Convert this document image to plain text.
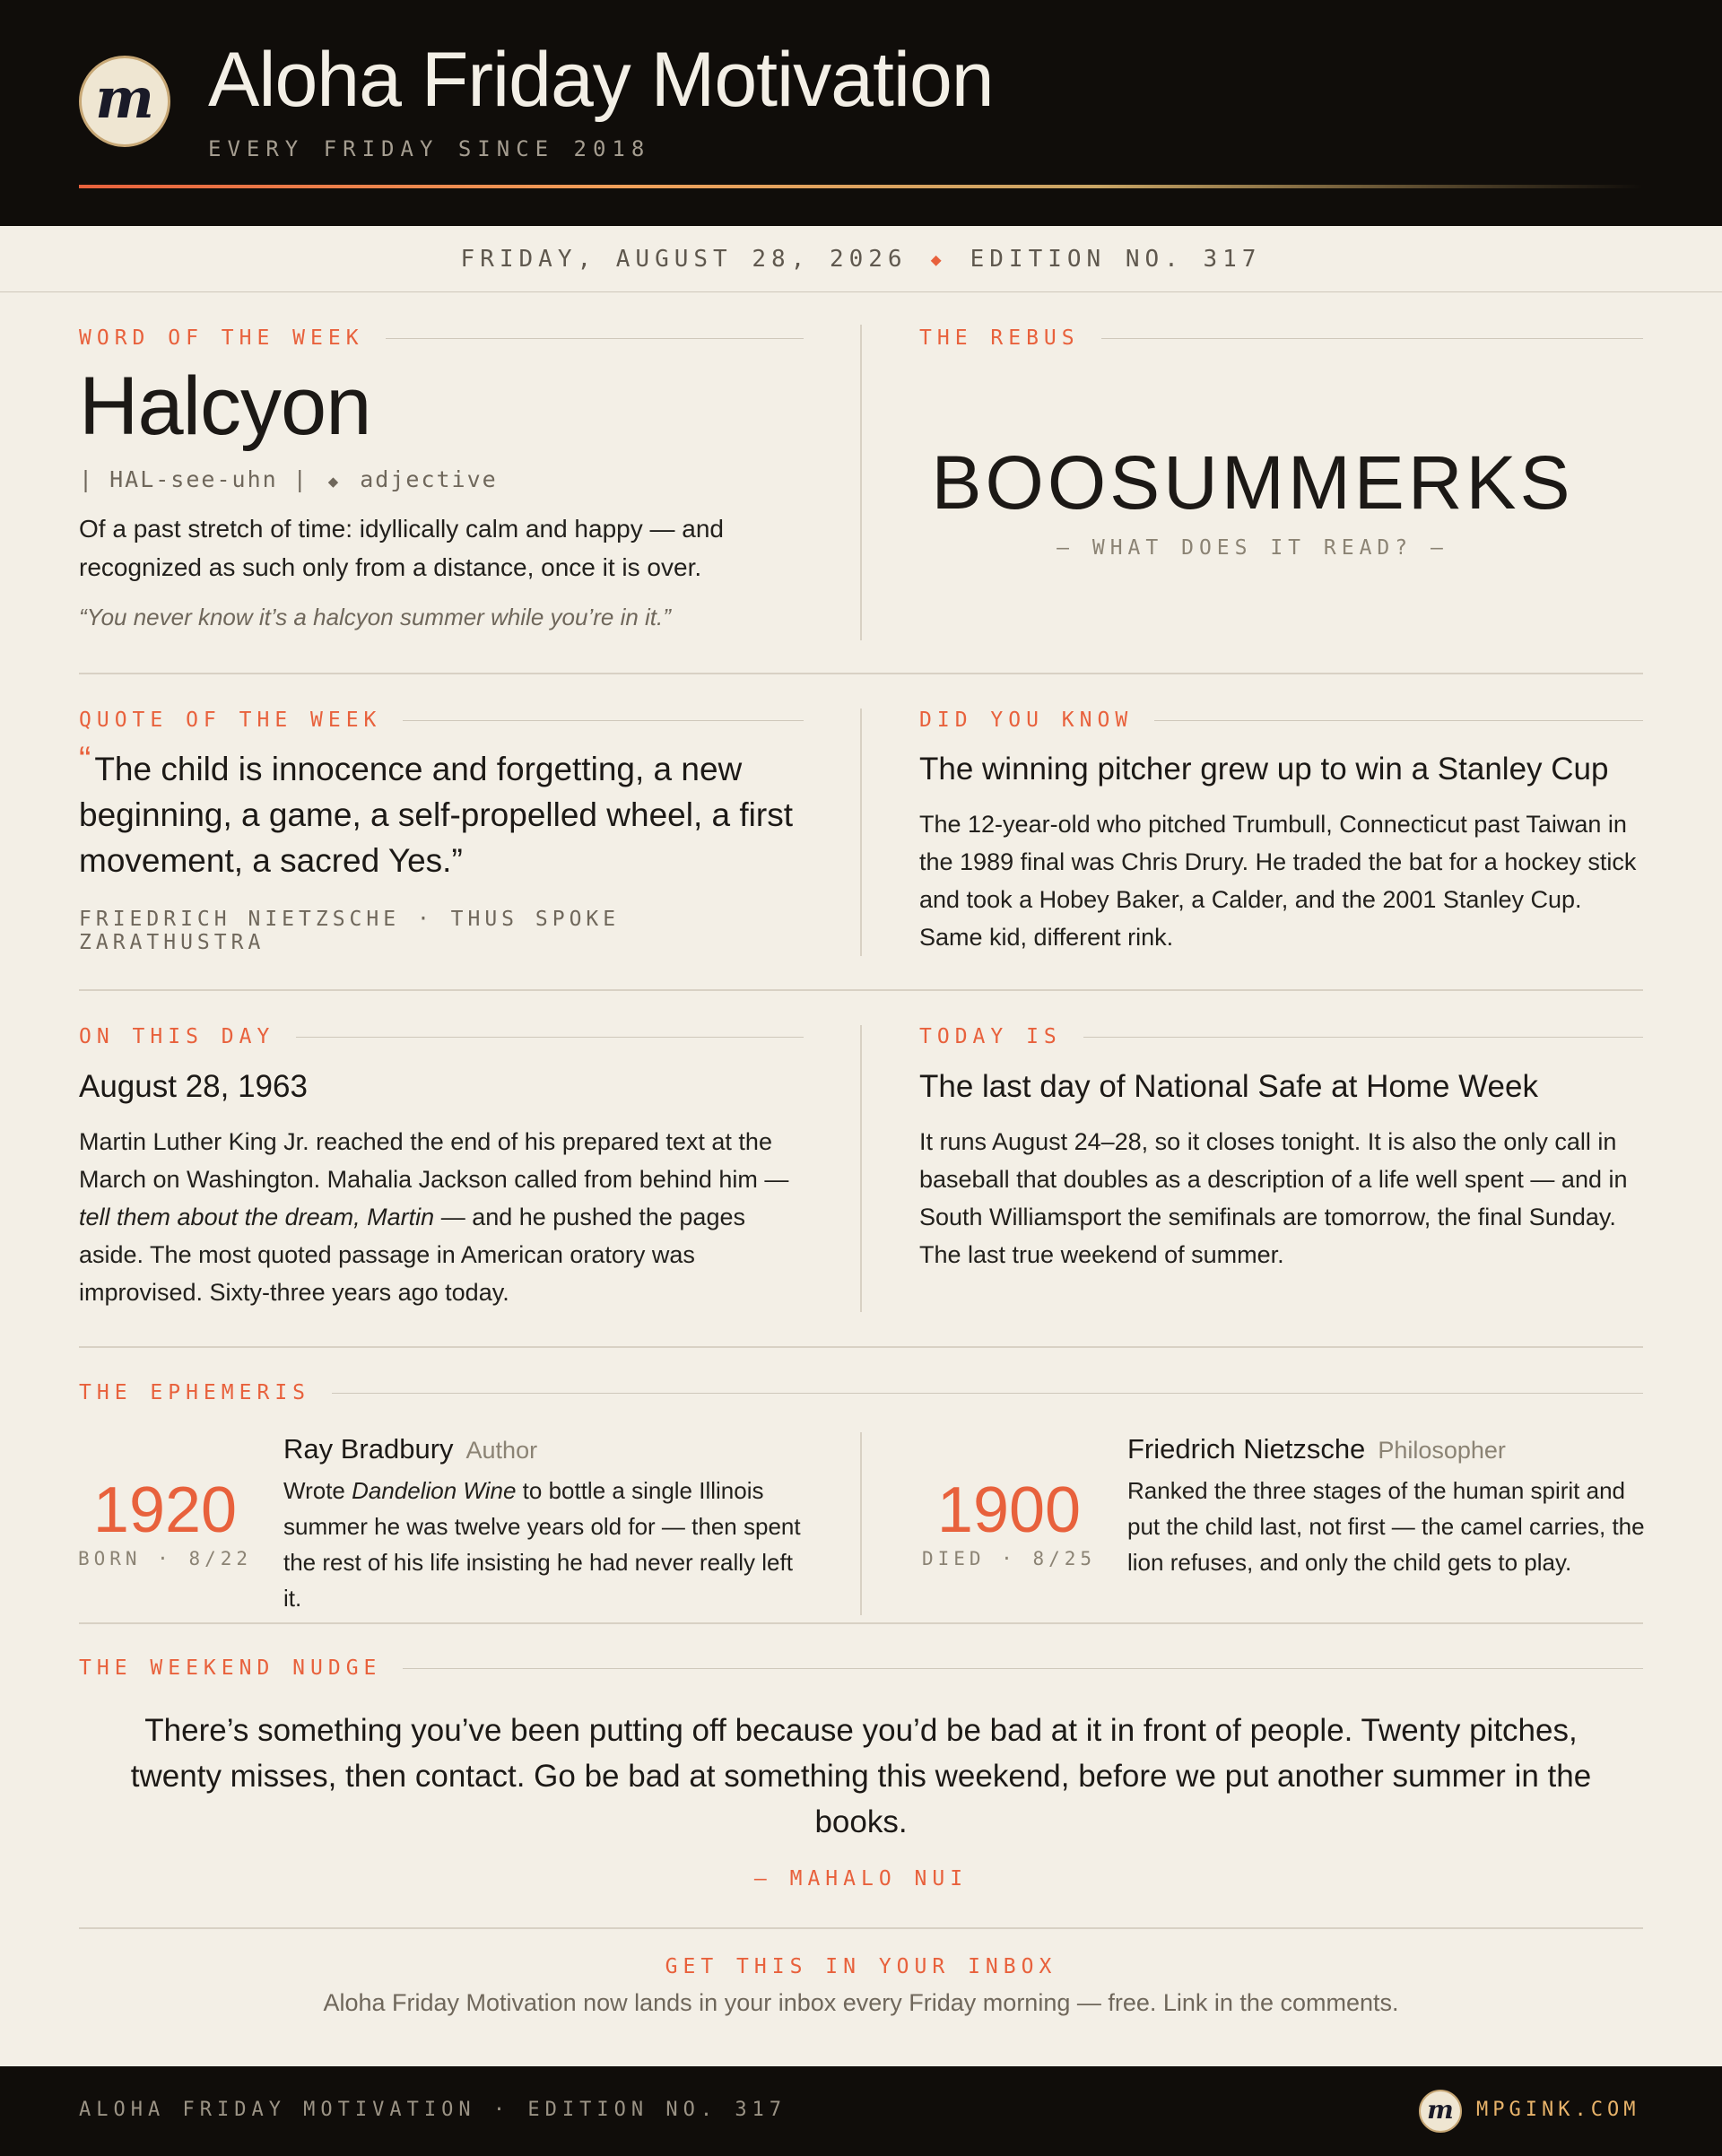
m Aloha Friday Motivation
EVERY FRIDAY SINCE 2018
FRIDAY, AUGUST 28, 2026 ◆ EDITION NO. 317
WORD OF THE WEEK
Halcyon
| HAL-see-uhn | ◆ adjective
Of a past stretch of time: idyllically calm and happy — and recognized as such only from a distance, once it is over.
“You never know it’s a halcyon summer while you’re in it.”
THE REBUS
BOOSUMMERKS
— WHAT DOES IT READ? —
QUOTE OF THE WEEK
“ The child is innocence and forgetting, a new beginning, a game, a self-propelled wheel, a first movement, a sacred Yes.”
FRIEDRICH NIETZSCHE · THUS SPOKE ZARATHUSTRA
DID YOU KNOW
The winning pitcher grew up to win a Stanley Cup
The 12-year-old who pitched Trumbull, Connecticut past Taiwan in the 1989 final was Chris Drury. He traded the bat for a hockey stick and took a Hobey Baker, a Calder, and the 2001 Stanley Cup. Same kid, different rink.
ON THIS DAY
August 28, 1963
Martin Luther King Jr. reached the end of his prepared text at the March on Washington. Mahalia Jackson called from behind him — tell them about the dream, Martin — and he pushed the pages aside. The most quoted passage in American oratory was improvised. Sixty-three years ago today.
TODAY IS
The last day of National Safe at Home Week
It runs August 24–28, so it closes tonight. It is also the only call in baseball that doubles as a description of a life well spent — and in South Williamsport the semifinals are tomorrow, the final Sunday. The last true weekend of summer.
THE EPHEMERIS
1920
BORN · 8/22
Ray Bradbury Author
Wrote Dandelion Wine to bottle a single Illinois summer he was twelve years old for — then spent the rest of his life insisting he had never really left it.
1900
DIED · 8/25
Friedrich Nietzsche Philosopher
Ranked the three stages of the human spirit and put the child last, not first — the camel carries, the lion refuses, and only the child gets to play.
THE WEEKEND NUDGE
There’s something you’ve been putting off because you’d be bad at it in front of people. Twenty pitches, twenty misses, then contact. Go be bad at something this weekend, before we put another summer in the books.
— MAHALO NUI
GET THIS IN YOUR INBOX
Aloha Friday Motivation now lands in your inbox every Friday morning — free. Link in the comments.
ALOHA FRIDAY MOTIVATION · EDITION NO. 317	m MPGINK.COM
